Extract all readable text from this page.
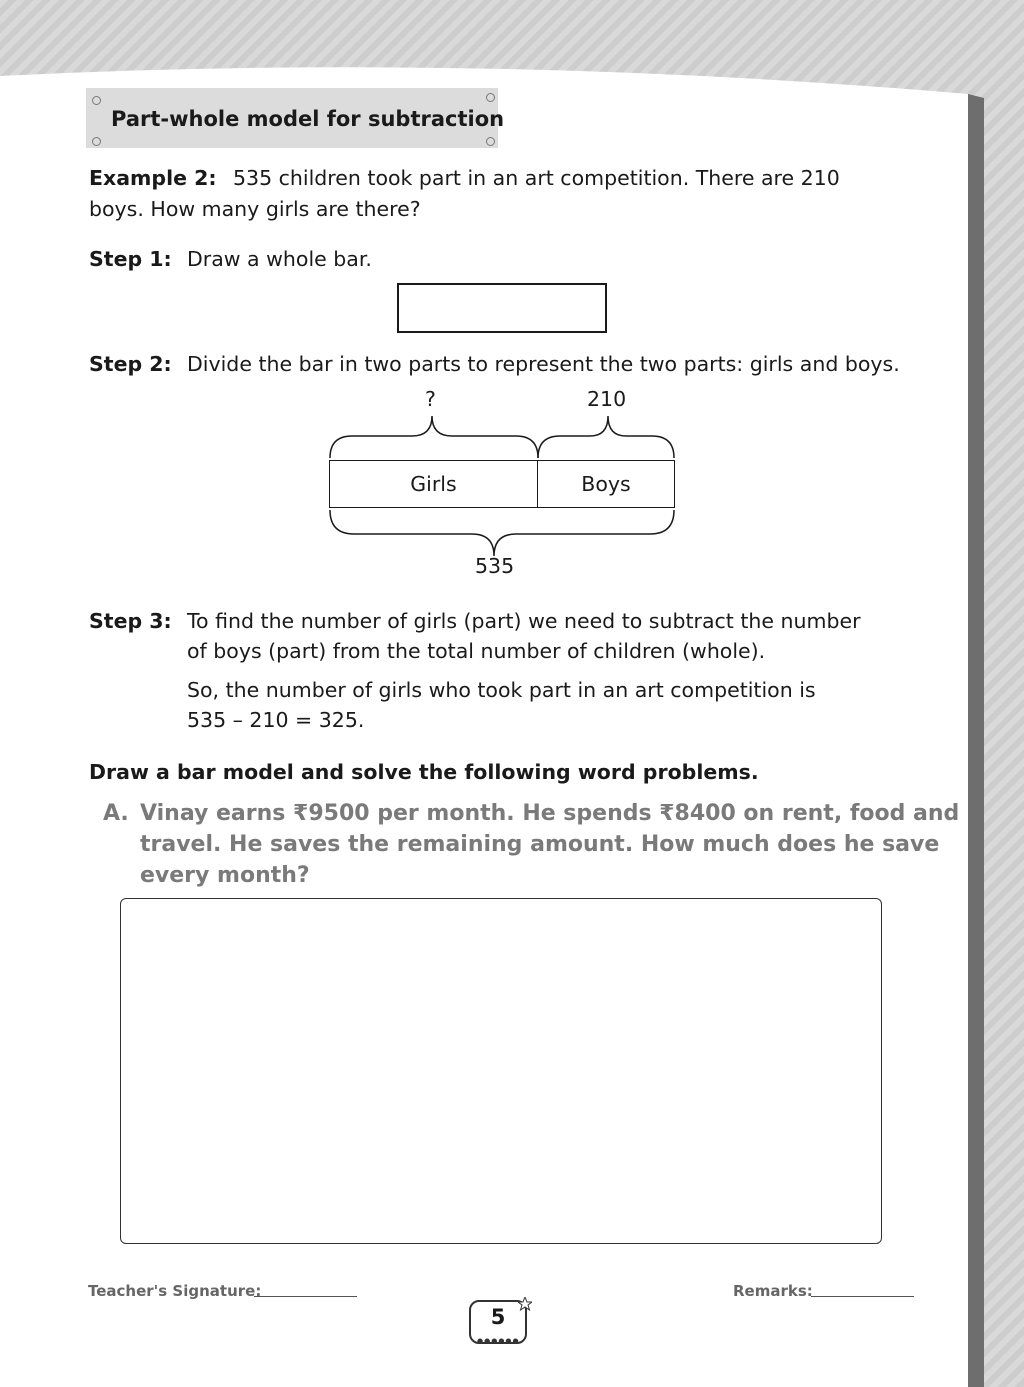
Part-whole model for subtraction
Example 2: 535 children took part in an art competition. There are 210
boys. How many girls are there?
Step 1: Draw a whole bar.
Step 2: Divide the bar in two parts to represent the two parts: girls and boys.
?	210
Girls	Boys
535
Step 3: To find the number of girls (part) we need to subtract the number
of boys (part) from the total number of children (whole).
So, the number of girls who took part in an art competition is
535 – 210 = 325.
Draw a bar model and solve the following word problems.
A. Vinay earns ₹9500 per month. He spends ₹8400 on rent, food and
travel. He saves the remaining amount. How much does he save
every month?
Teacher's Signature:	Remarks:
5
●●●●●●
